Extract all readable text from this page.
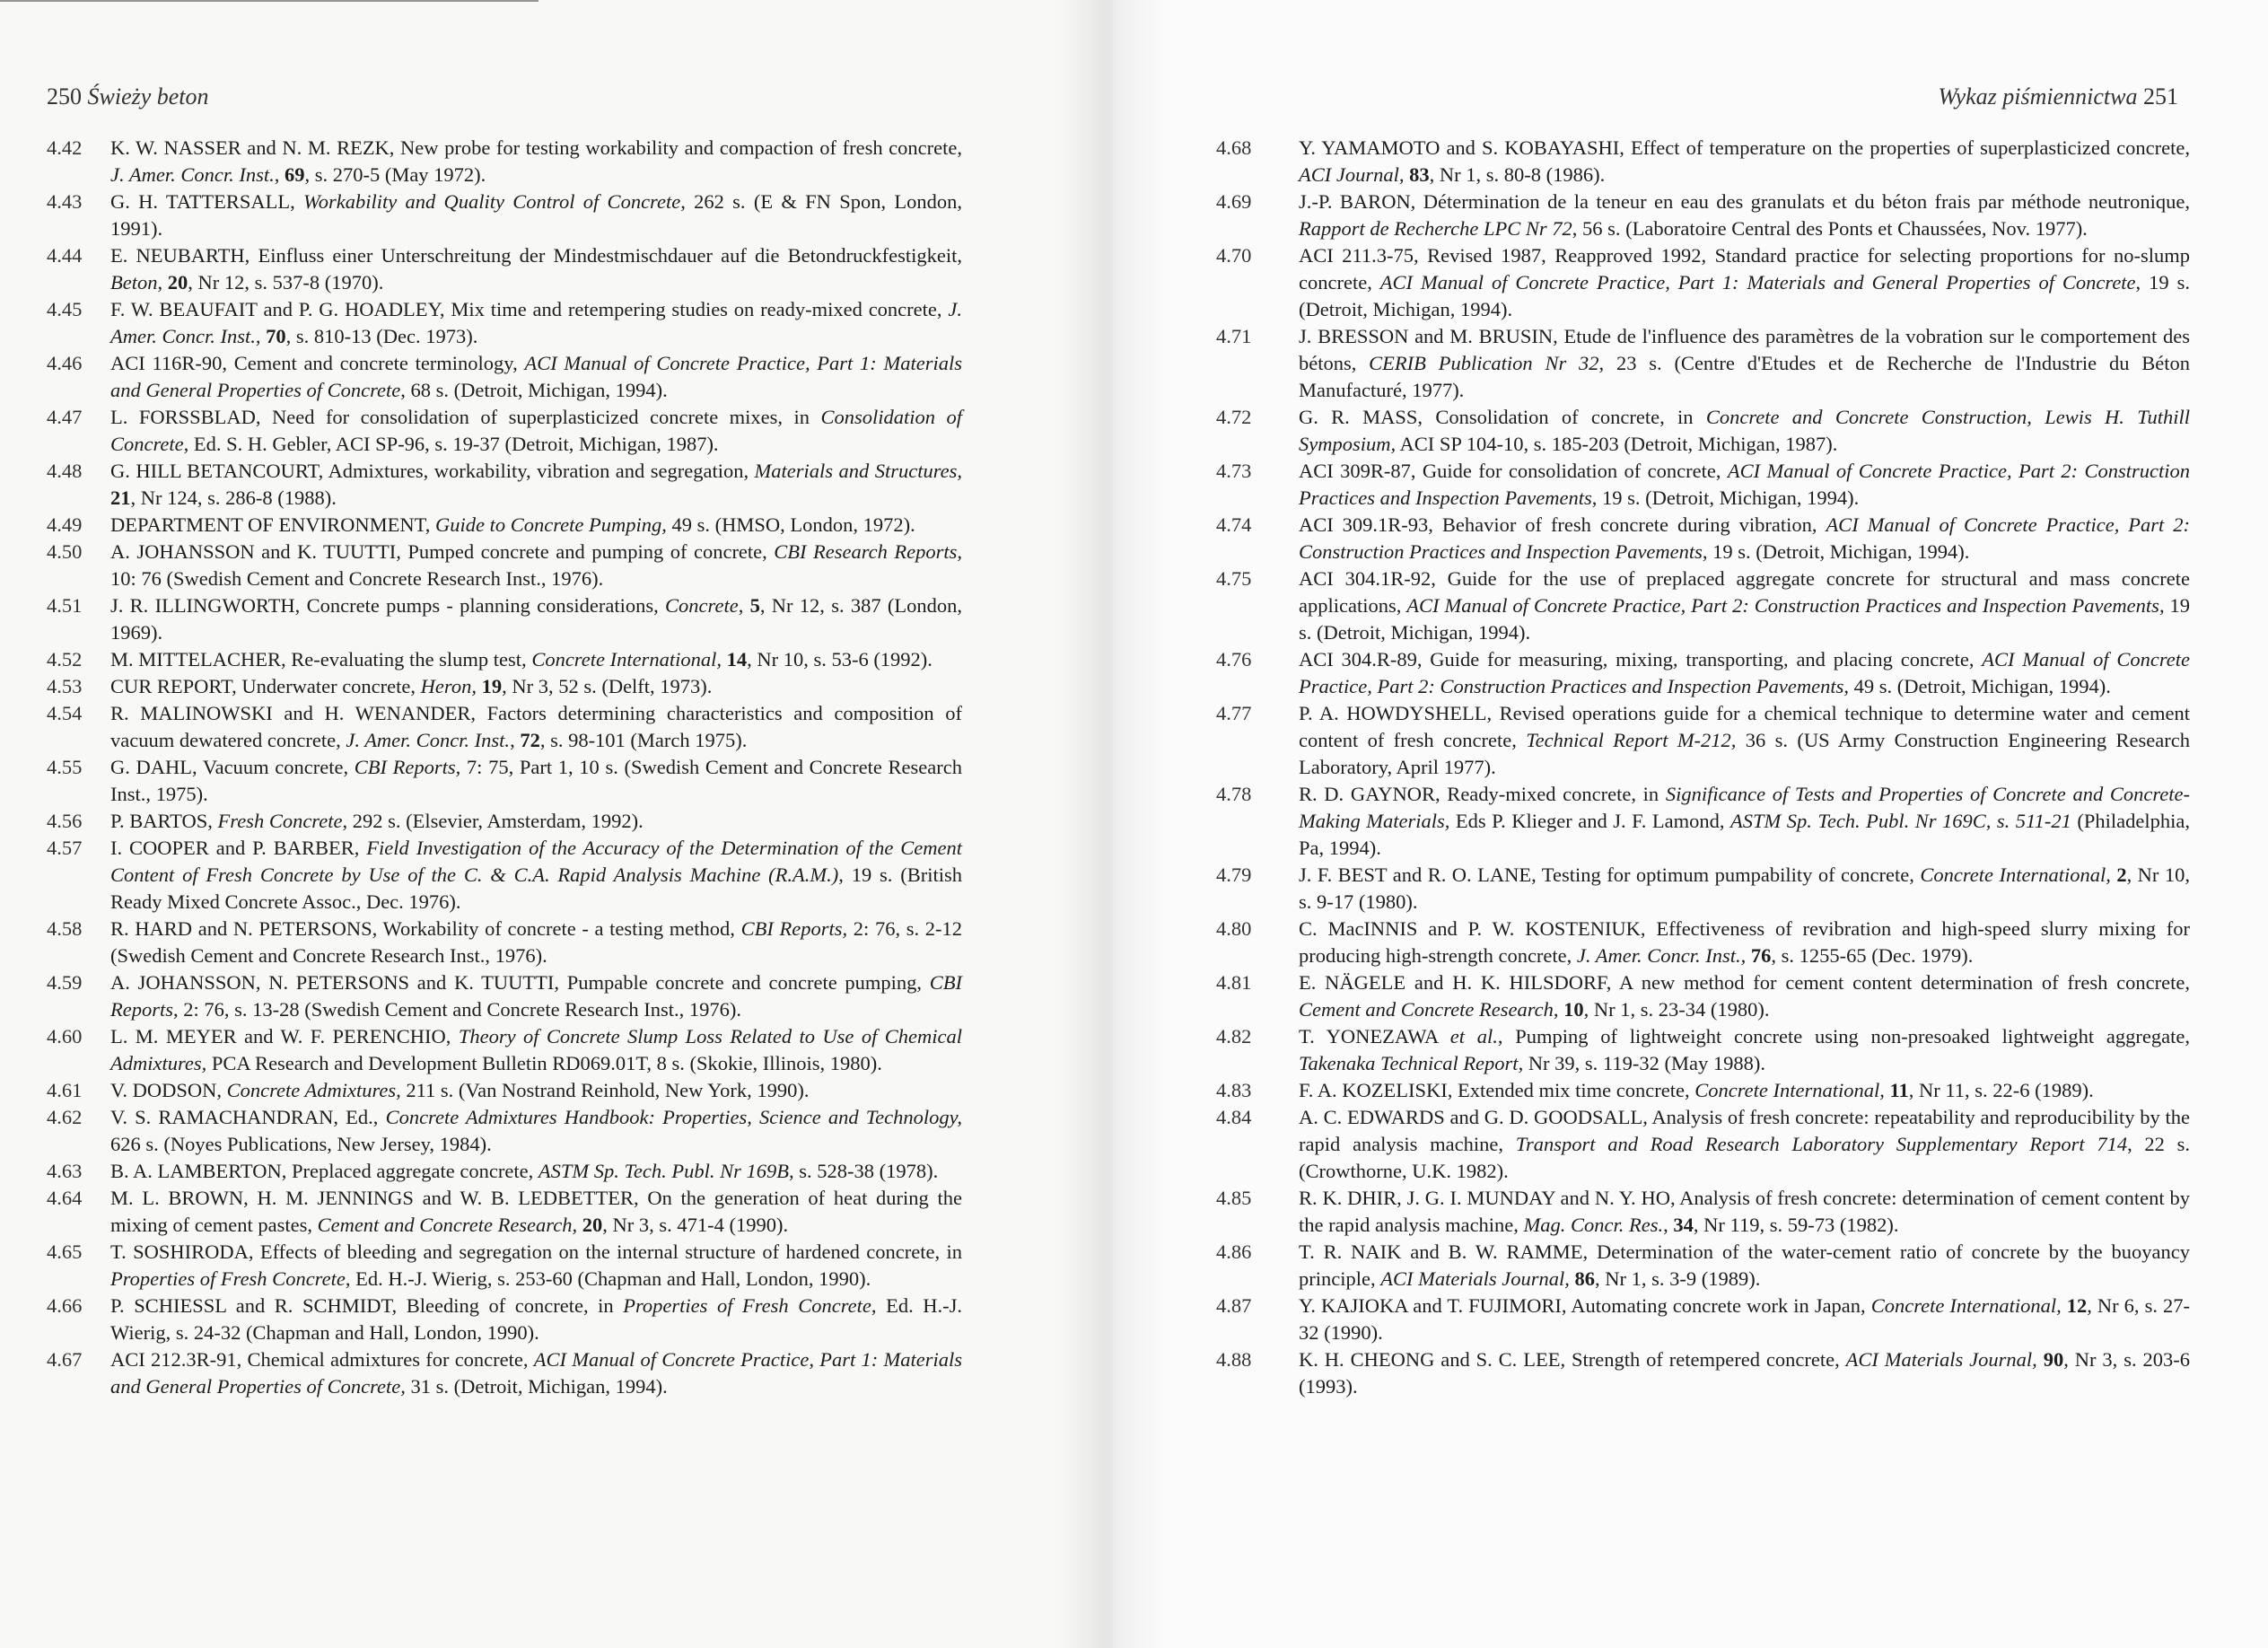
250 Świeży beton
4.42 K. W. NASSER and N. M. REZK, New probe for testing workability and compaction of fresh concrete, J. Amer. Concr. Inst., 69, s. 270-5 (May 1972).
4.43 G. H. TATTERSALL, Workability and Quality Control of Concrete, 262 s. (E & FN Spon, London, 1991).
4.44 E. NEUBARTH, Einfluss einer Unterschreitung der Mindestmischdauer auf die Betondruckfestigkeit, Beton, 20, Nr 12, s. 537-8 (1970).
4.45 F. W. BEAUFAIT and P. G. HOADLEY, Mix time and retempering studies on ready-mixed concrete, J. Amer. Concr. Inst., 70, s. 810-13 (Dec. 1973).
4.46 ACI 116R-90, Cement and concrete terminology, ACI Manual of Concrete Practice, Part 1: Materials and General Properties of Concrete, 68 s. (Detroit, Michigan, 1994).
4.47 L. FORSSBLAD, Need for consolidation of superplasticized concrete mixes, in Consolidation of Concrete, Ed. S. H. Gebler, ACI SP-96, s. 19-37 (Detroit, Michigan, 1987).
4.48 G. HILL BETANCOURT, Admixtures, workability, vibration and segregation, Materials and Structures, 21, Nr 124, s. 286-8 (1988).
4.49 DEPARTMENT OF ENVIRONMENT, Guide to Concrete Pumping, 49 s. (HMSO, London, 1972).
4.50 A. JOHANSSON and K. TUUTTI, Pumped concrete and pumping of concrete, CBI Research Reports, 10: 76 (Swedish Cement and Concrete Research Inst., 1976).
4.51 J. R. ILLINGWORTH, Concrete pumps - planning considerations, Concrete, 5, Nr 12, s. 387 (London, 1969).
4.52 M. MITTELACHER, Re-evaluating the slump test, Concrete International, 14, Nr 10, s. 53-6 (1992).
4.53 CUR REPORT, Underwater concrete, Heron, 19, Nr 3, 52 s. (Delft, 1973).
4.54 R. MALINOWSKI and H. WENANDER, Factors determining characteristics and composition of vacuum dewatered concrete, J. Amer. Concr. Inst., 72, s. 98-101 (March 1975).
4.55 G. DAHL, Vacuum concrete, CBI Reports, 7: 75, Part 1, 10 s. (Swedish Cement and Concrete Research Inst., 1975).
4.56 P. BARTOS, Fresh Concrete, 292 s. (Elsevier, Amsterdam, 1992).
4.57 I. COOPER and P. BARBER, Field Investigation of the Accuracy of the Determination of the Cement Content of Fresh Concrete by Use of the C. & C.A. Rapid Analysis Machine (R.A.M.), 19 s. (British Ready Mixed Concrete Assoc., Dec. 1976).
4.58 R. HARD and N. PETERSONS, Workability of concrete - a testing method, CBI Reports, 2: 76, s. 2-12 (Swedish Cement and Concrete Research Inst., 1976).
4.59 A. JOHANSSON, N. PETERSONS and K. TUUTTI, Pumpable concrete and concrete pumping, CBI Reports, 2: 76, s. 13-28 (Swedish Cement and Concrete Research Inst., 1976).
4.60 L. M. MEYER and W. F. PERENCHIO, Theory of Concrete Slump Loss Related to Use of Chemical Admixtures, PCA Research and Development Bulletin RD069.01T, 8 s. (Skokie, Illinois, 1980).
4.61 V. DODSON, Concrete Admixtures, 211 s. (Van Nostrand Reinhold, New York, 1990).
4.62 V. S. RAMACHANDRAN, Ed., Concrete Admixtures Handbook: Properties, Science and Technology, 626 s. (Noyes Publications, New Jersey, 1984).
4.63 B. A. LAMBERTON, Preplaced aggregate concrete, ASTM Sp. Tech. Publ. Nr 169B, s. 528-38 (1978).
4.64 M. L. BROWN, H. M. JENNINGS and W. B. LEDBETTER, On the generation of heat during the mixing of cement pastes, Cement and Concrete Research, 20, Nr 3, s. 471-4 (1990).
4.65 T. SOSHIRODA, Effects of bleeding and segregation on the internal structure of hardened concrete, in Properties of Fresh Concrete, Ed. H.-J. Wierig, s. 253-60 (Chapman and Hall, London, 1990).
4.66 P. SCHIESSL and R. SCHMIDT, Bleeding of concrete, in Properties of Fresh Concrete, Ed. H.-J. Wierig, s. 24-32 (Chapman and Hall, London, 1990).
4.67 ACI 212.3R-91, Chemical admixtures for concrete, ACI Manual of Concrete Practice, Part 1: Materials and General Properties of Concrete, 31 s. (Detroit, Michigan, 1994).
Wykaz piśmiennictwa 251
4.68 Y. YAMAMOTO and S. KOBAYASHI, Effect of temperature on the properties of superplasticized concrete, ACI Journal, 83, Nr 1, s. 80-8 (1986).
4.69 J.-P. BARON, Détermination de la teneur en eau des granulats et du béton frais par méthode neutronique, Rapport de Recherche LPC Nr 72, 56 s. (Laboratoire Central des Ponts et Chaussées, Nov. 1977).
4.70 ACI 211.3-75, Revised 1987, Reapproved 1992, Standard practice for selecting proportions for no-slump concrete, ACI Manual of Concrete Practice, Part 1: Materials and General Properties of Concrete, 19 s. (Detroit, Michigan, 1994).
4.71 J. BRESSON and M. BRUSIN, Etude de l'influence des paramètres de la vobration sur le comportement des bétons, CERIB Publication Nr 32, 23 s. (Centre d'Etudes et de Recherche de l'Industrie du Béton Manufacturé, 1977).
4.72 G. R. MASS, Consolidation of concrete, in Concrete and Concrete Construction, Lewis H. Tuthill Symposium, ACI SP 104-10, s. 185-203 (Detroit, Michigan, 1987).
4.73 ACI 309R-87, Guide for consolidation of concrete, ACI Manual of Concrete Practice, Part 2: Construction Practices and Inspection Pavements, 19 s. (Detroit, Michigan, 1994).
4.74 ACI 309.1R-93, Behavior of fresh concrete during vibration, ACI Manual of Concrete Practice, Part 2: Construction Practices and Inspection Pavements, 19 s. (Detroit, Michigan, 1994).
4.75 ACI 304.1R-92, Guide for the use of preplaced aggregate concrete for structural and mass concrete applications, ACI Manual of Concrete Practice, Part 2: Construction Practices and Inspection Pavements, 19 s. (Detroit, Michigan, 1994).
4.76 ACI 304.R-89, Guide for measuring, mixing, transporting, and placing concrete, ACI Manual of Concrete Practice, Part 2: Construction Practices and Inspection Pavements, 49 s. (Detroit, Michigan, 1994).
4.77 P. A. HOWDYSHELL, Revised operations guide for a chemical technique to determine water and cement content of fresh concrete, Technical Report M-212, 36 s. (US Army Construction Engineering Research Laboratory, April 1977).
4.78 R. D. GAYNOR, Ready-mixed concrete, in Significance of Tests and Properties of Concrete and Concrete-Making Materials, Eds P. Klieger and J. F. Lamond, ASTM Sp. Tech. Publ. Nr 169C, s. 511-21 (Philadelphia, Pa, 1994).
4.79 J. F. BEST and R. O. LANE, Testing for optimum pumpability of concrete, Concrete International, 2, Nr 10, s. 9-17 (1980).
4.80 C. MacINNIS and P. W. KOSTENIUK, Effectiveness of revibration and high-speed slurry mixing for producing high-strength concrete, J. Amer. Concr. Inst., 76, s. 1255-65 (Dec. 1979).
4.81 E. NÄGELE and H. K. HILSDORF, A new method for cement content determination of fresh concrete, Cement and Concrete Research, 10, Nr 1, s. 23-34 (1980).
4.82 T. YONEZAWA et al., Pumping of lightweight concrete using non-presoaked lightweight aggregate, Takenaka Technical Report, Nr 39, s. 119-32 (May 1988).
4.83 F. A. KOZELISKI, Extended mix time concrete, Concrete International, 11, Nr 11, s. 22-6 (1989).
4.84 A. C. EDWARDS and G. D. GOODSALL, Analysis of fresh concrete: repeatability and reproducibility by the rapid analysis machine, Transport and Road Research Laboratory Supplementary Report 714, 22 s. (Crowthorne, U.K. 1982).
4.85 R. K. DHIR, J. G. I. MUNDAY and N. Y. HO, Analysis of fresh concrete: determination of cement content by the rapid analysis machine, Mag. Concr. Res., 34, Nr 119, s. 59-73 (1982).
4.86 T. R. NAIK and B. W. RAMME, Determination of the water-cement ratio of concrete by the buoyancy principle, ACI Materials Journal, 86, Nr 1, s. 3-9 (1989).
4.87 Y. KAJIOKA and T. FUJIMORI, Automating concrete work in Japan, Concrete International, 12, Nr 6, s. 27-32 (1990).
4.88 K. H. CHEONG and S. C. LEE, Strength of retempered concrete, ACI Materials Journal, 90, Nr 3, s. 203-6 (1993).
